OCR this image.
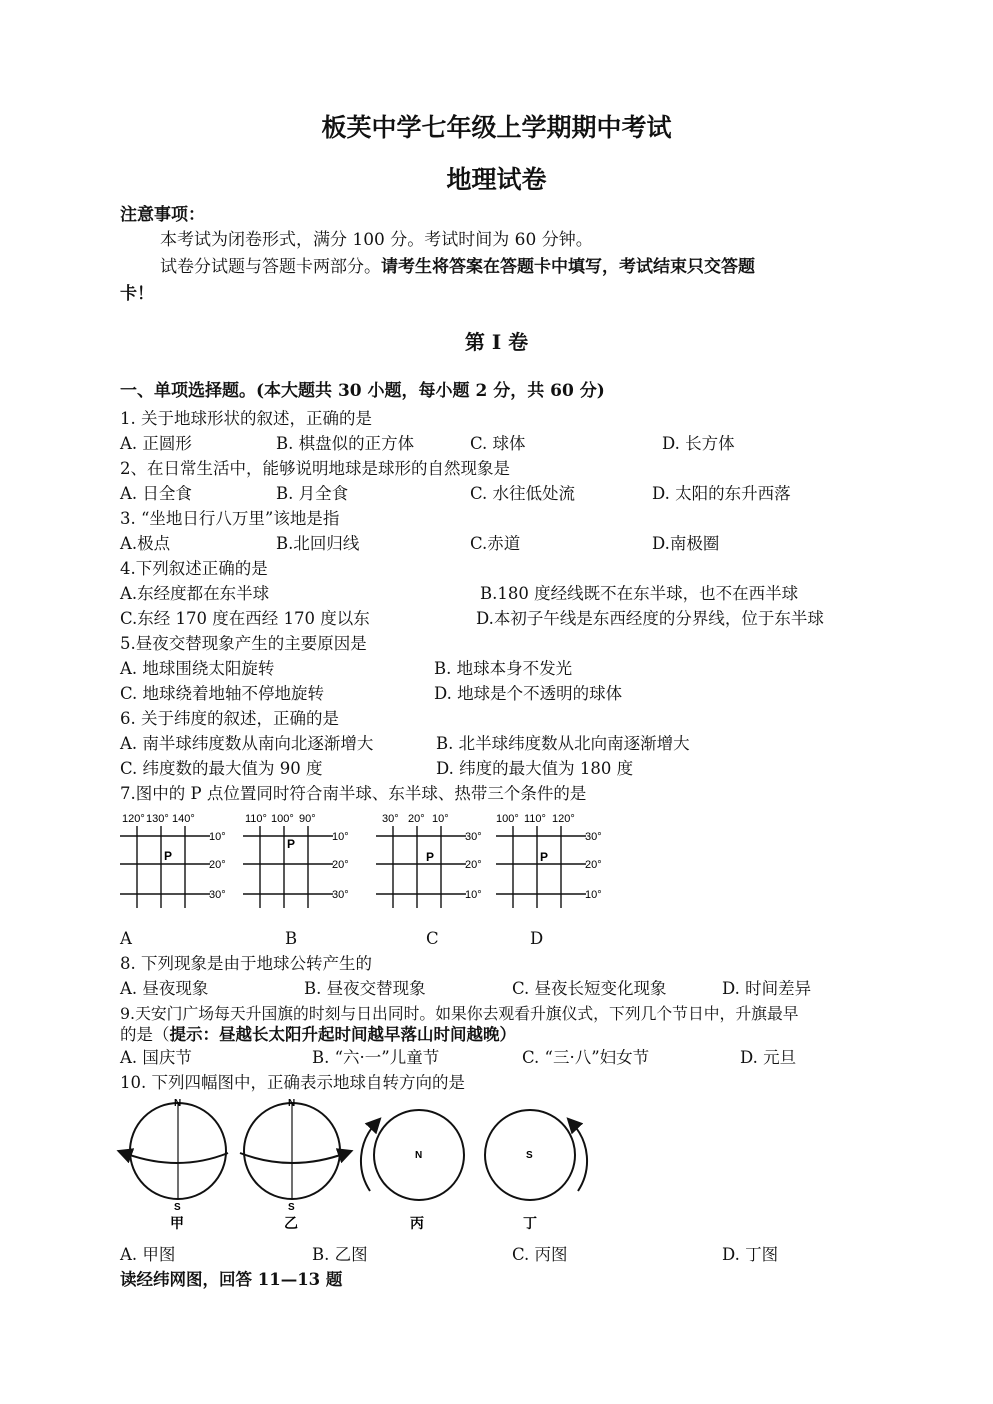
板芙中学七年级上学期期中考试
地理试卷
注意事项：
本考试为闭卷形式，满分 100 分。考试时间为 60 分钟。
试卷分试题与答题卡两部分。请考生将答案在答题卡中填写，考试结束只交答题
卡！
第 I 卷
一、单项选择题。(本大题共 30 小题，每小题 2 分，共 60 分)
1. 关于地球形状的叙述，正确的是
A. 正圆形	B. 棋盘似的正方体	C. 球体	D. 长方体
2、在日常生活中，能够说明地球是球形的自然现象是
A. 日全食	B. 月全食	C. 水往低处流	D. 太阳的东升西落
3. “坐地日行八万里”该地是指
A.极点	B.北回归线	C.赤道	D.南极圈
4.下列叙述正确的是
A.东经度都在东半球	B.180 度经线既不在东半球，也不在西半球
C.东经 170 度在西经 170 度以东	D.本初子午线是东西经度的分界线，位于东半球
5.昼夜交替现象产生的主要原因是
A. 地球围绕太阳旋转	B. 地球本身不发光
C. 地球绕着地轴不停地旋转	D. 地球是个不透明的球体
6. 关于纬度的叙述，正确的是
A. 南半球纬度数从南向北逐渐增大	B. 北半球纬度数从北向南逐渐增大
C. 纬度数的最大值为 90 度	D. 纬度的最大值为 180 度
7.图中的 P 点位置同时符合南半球、东半球、热带三个条件的是
120° 130° 140°
10°
20°
30°
P
110° 100° 90°
10°
20°
30°
P
30° 20° 10°
30°
20°
10°
P
100° 110° 120°
30°
20°
10°
P
A	B	C	D
8. 下列现象是由于地球公转产生的
A. 昼夜现象	B. 昼夜交替现象	C. 昼夜长短变化现象	D. 时间差异
9.天安门广场每天升国旗的时刻与日出同时。如果你去观看升旗仪式，下列几个节日中，升旗最早
的是（提示：昼越长太阳升起时间越早落山时间越晚）
A. 国庆节	B. “六·一”儿童节	C. “三·八”妇女节	D. 元旦
10. 下列四幅图中，正确表示地球自转方向的是
N
S
甲
N
S
乙
N
丙
S
丁
A. 甲图	B. 乙图	C. 丙图	D. 丁图
读经纬网图，回答 11—13 题
